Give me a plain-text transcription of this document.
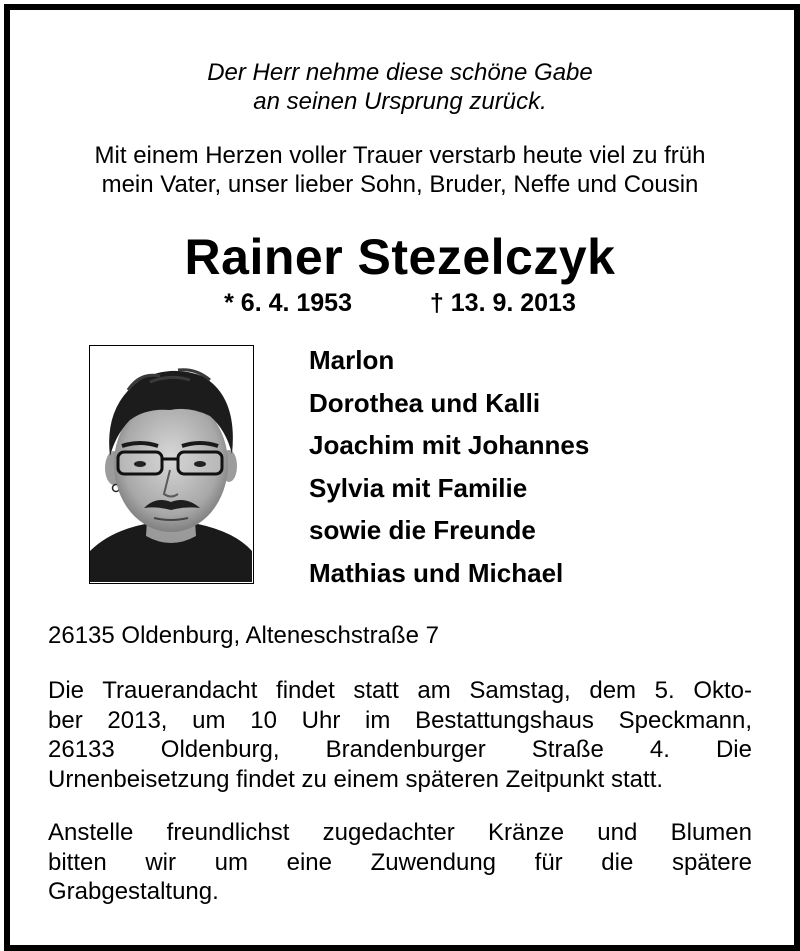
Der Herr nehme diese schöne Gabe
an seinen Ursprung zurück.
Mit einem Herzen voller Trauer verstarb heute viel zu früh
mein Vater, unser lieber Sohn, Bruder, Neffe und Cousin
Rainer Stezelczyk
* 6. 4. 1953	† 13. 9. 2013
Marlon
Dorothea und Kalli
Joachim mit Johannes
Sylvia mit Familie
sowie die Freunde
Mathias und Michael
26135 Oldenburg, Alteneschstraße 7
Die Trauerandacht findet statt am Samstag, dem 5. Okto-
ber 2013, um 10 Uhr im Bestattungshaus Speckmann,
26133 Oldenburg, Brandenburger Straße 4. Die
Urnenbeisetzung findet zu einem späteren Zeitpunkt statt.
Anstelle freundlichst zugedachter Kränze und Blumen
bitten wir um eine Zuwendung für die spätere
Grabgestaltung.
